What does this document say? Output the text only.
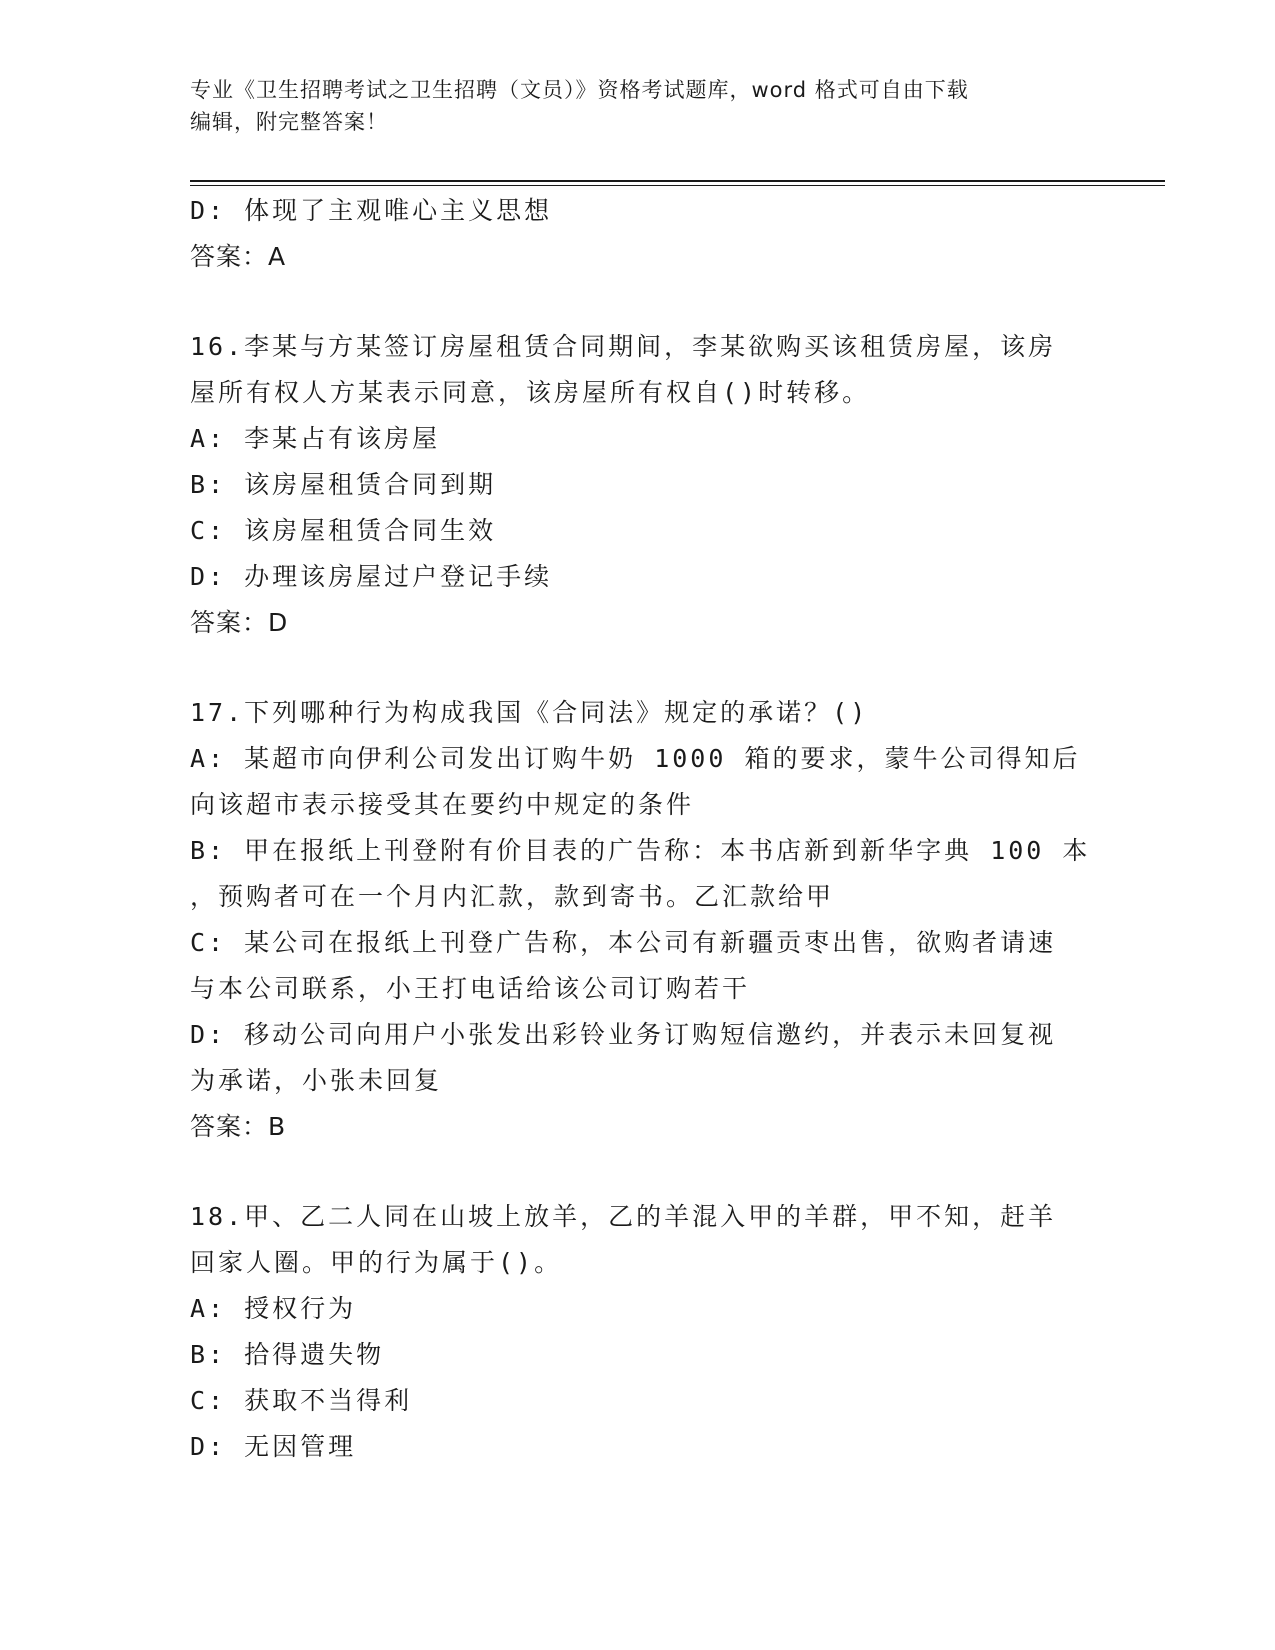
专业《卫生招聘考试之卫生招聘（文员）》资格考试题库，word 格式可自由下载
编辑，附完整答案！
D: 体现了主观唯心主义思想
答案：A
16.李某与方某签订房屋租赁合同期间，李某欲购买该租赁房屋，该房
屋所有权人方某表示同意，该房屋所有权自()时转移。
A: 李某占有该房屋
B: 该房屋租赁合同到期
C: 该房屋租赁合同生效
D: 办理该房屋过户登记手续
答案：D
17.下列哪种行为构成我国《合同法》规定的承诺？()
A: 某超市向伊利公司发出订购牛奶 1000 箱的要求，蒙牛公司得知后
向该超市表示接受其在要约中规定的条件
B: 甲在报纸上刊登附有价目表的广告称：本书店新到新华字典 100 本
，预购者可在一个月内汇款，款到寄书。乙汇款给甲
C: 某公司在报纸上刊登广告称，本公司有新疆贡枣出售，欲购者请速
与本公司联系，小王打电话给该公司订购若干
D: 移动公司向用户小张发出彩铃业务订购短信邀约，并表示未回复视
为承诺，小张未回复
答案：B
18.甲、乙二人同在山坡上放羊，乙的羊混入甲的羊群，甲不知，赶羊
回家人圈。甲的行为属于()。
A: 授权行为
B: 拾得遗失物
C: 获取不当得利
D: 无因管理
